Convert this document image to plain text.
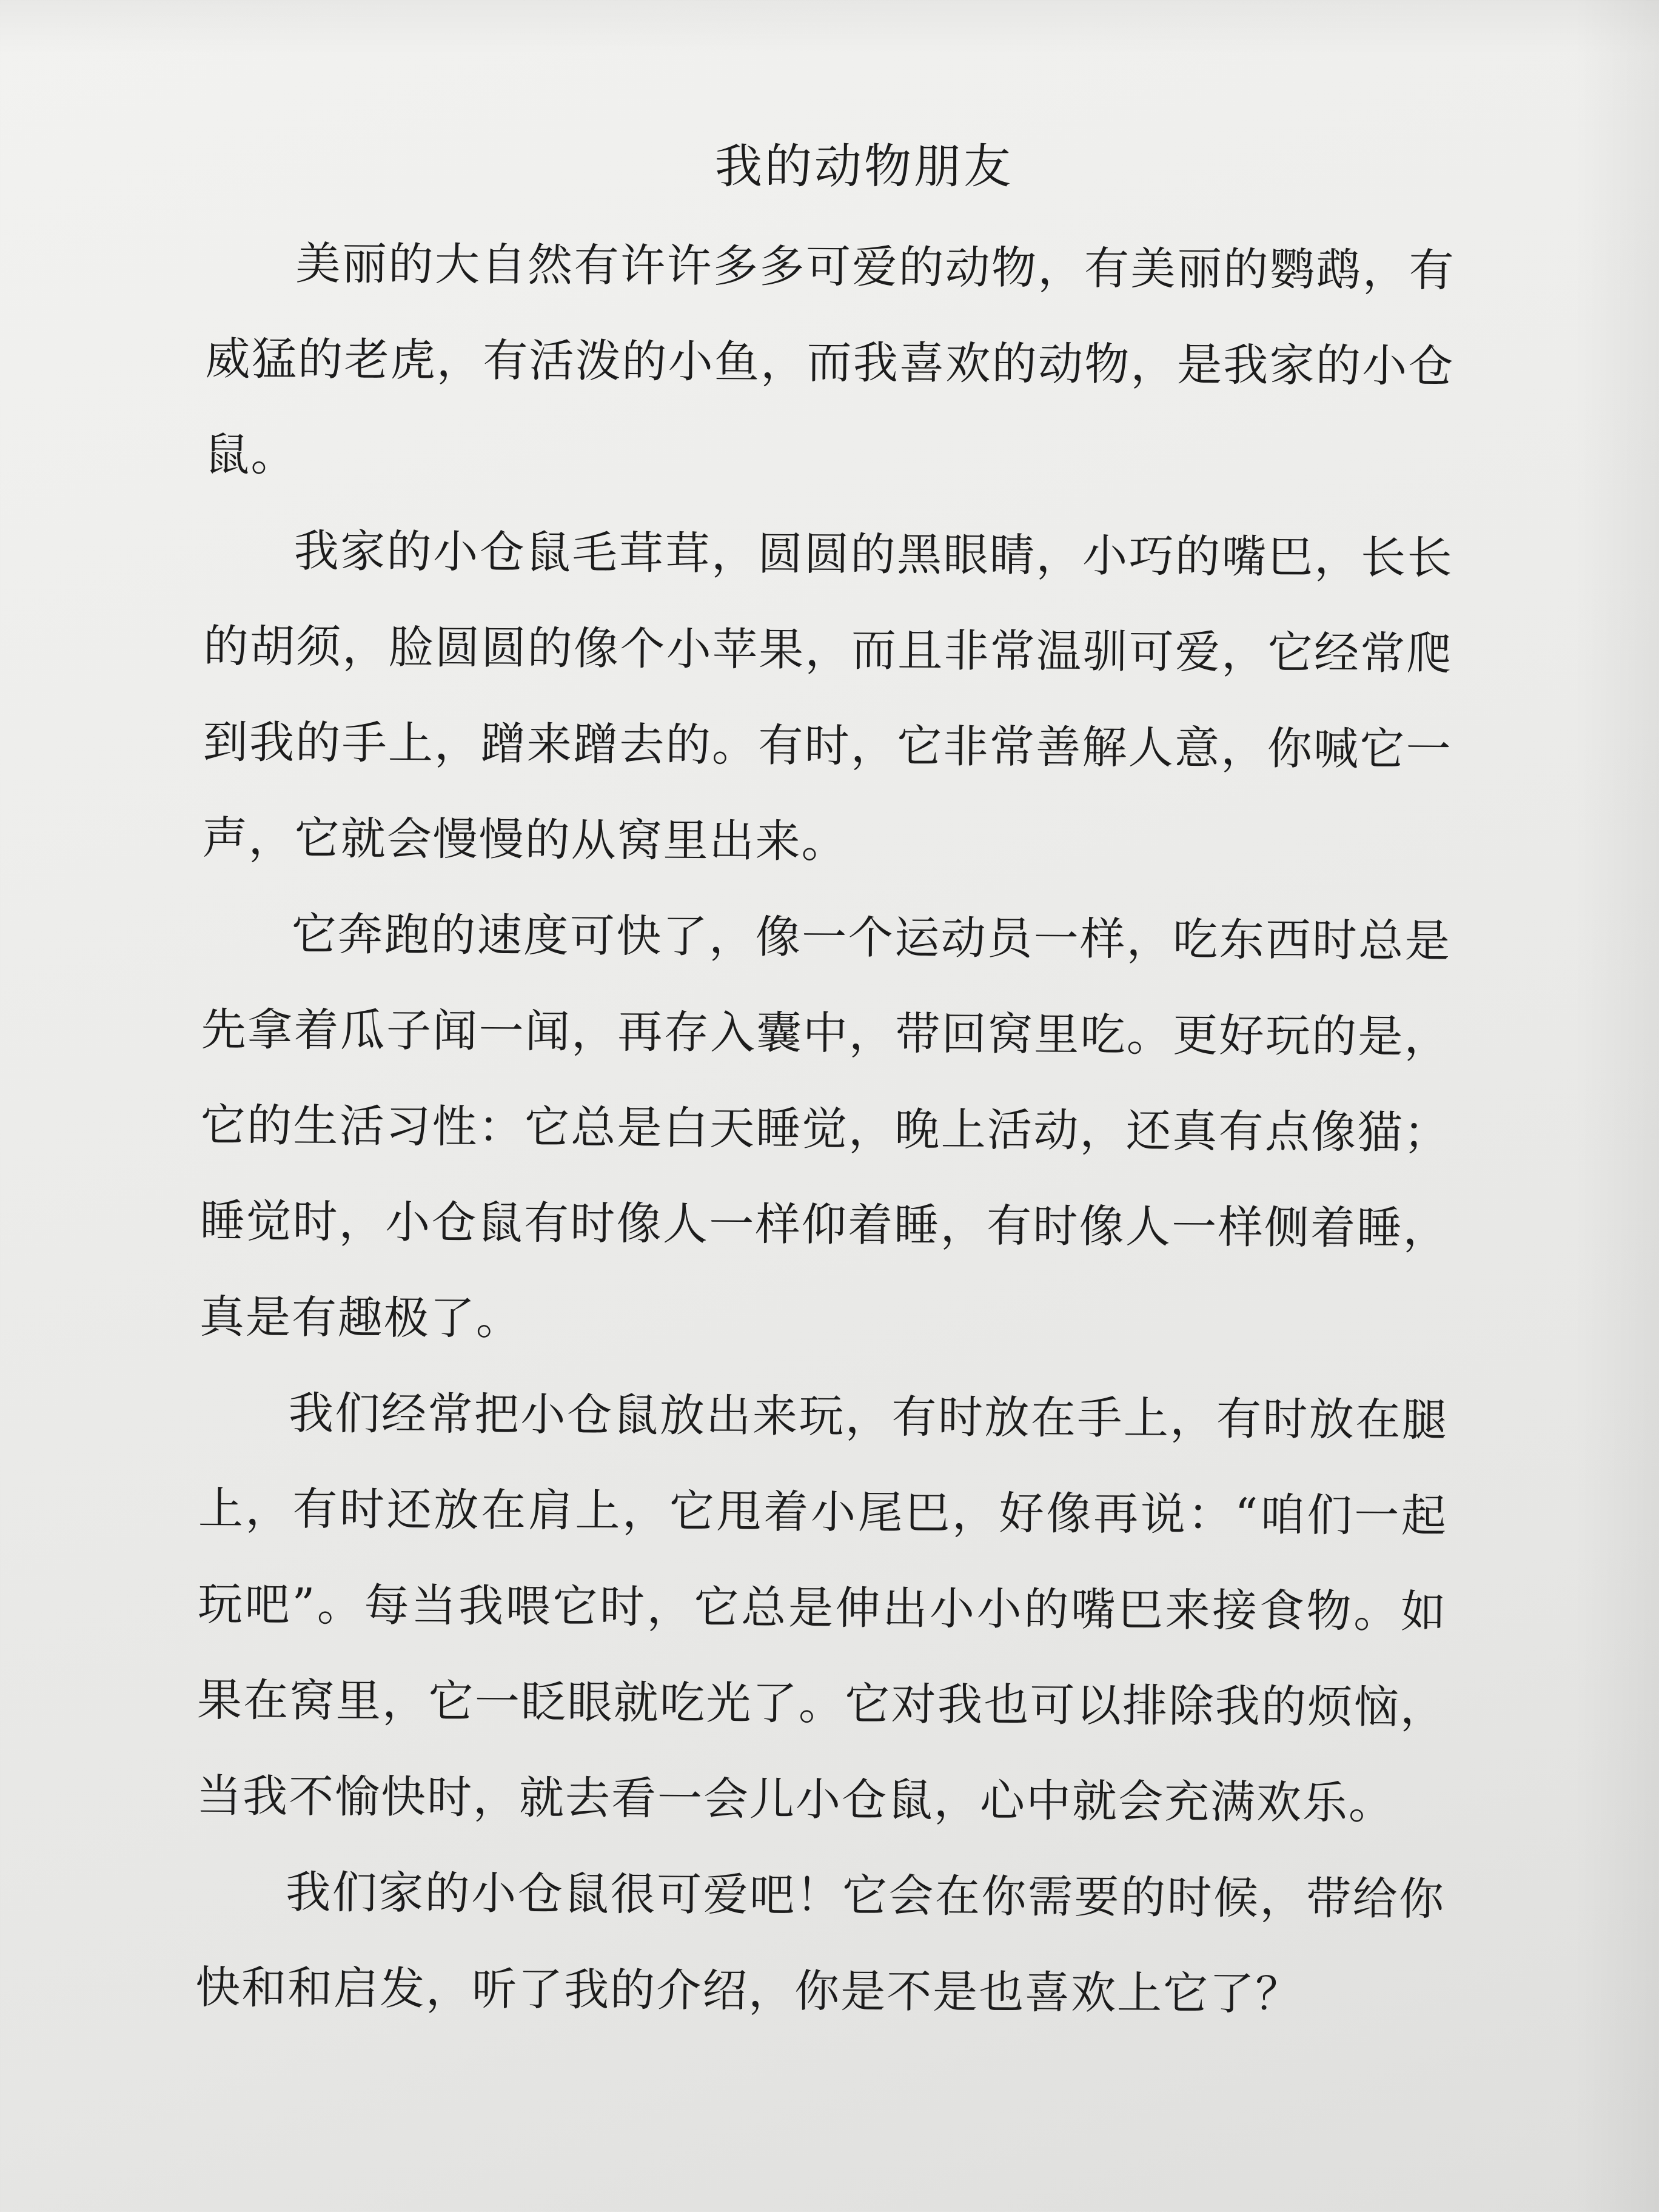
我的动物朋友

美丽的大自然有许许多多可爱的动物，有美丽的鹦鹉，有威猛的老虎，有活泼的小鱼，而我喜欢的动物，是我家的小仓鼠。

我家的小仓鼠毛茸茸，圆圆的黑眼睛，小巧的嘴巴，长长的胡须，脸圆圆的像个小苹果，而且非常温驯可爱，它经常爬到我的手上，蹭来蹭去的。有时，它非常善解人意，你喊它一声，它就会慢慢的从窝里出来。

它奔跑的速度可快了，像一个运动员一样，吃东西时总是先拿着瓜子闻一闻，再存入囊中，带回窝里吃。更好玩的是，它的生活习性：它总是白天睡觉，晚上活动，还真有点像猫；睡觉时，小仓鼠有时像人一样仰着睡，有时像人一样侧着睡，真是有趣极了。

我们经常把小仓鼠放出来玩，有时放在手上，有时放在腿上，有时还放在肩上，它甩着小尾巴，好像再说：“咱们一起玩吧”。每当我喂它时，它总是伸出小小的嘴巴来接食物。如果在窝里，它一眨眼就吃光了。它对我也可以排除我的烦恼，当我不愉快时，就去看一会儿小仓鼠，心中就会充满欢乐。

我们家的小仓鼠很可爱吧！它会在你需要的时候，带给你快和和启发，听了我的介绍，你是不是也喜欢上它了？
